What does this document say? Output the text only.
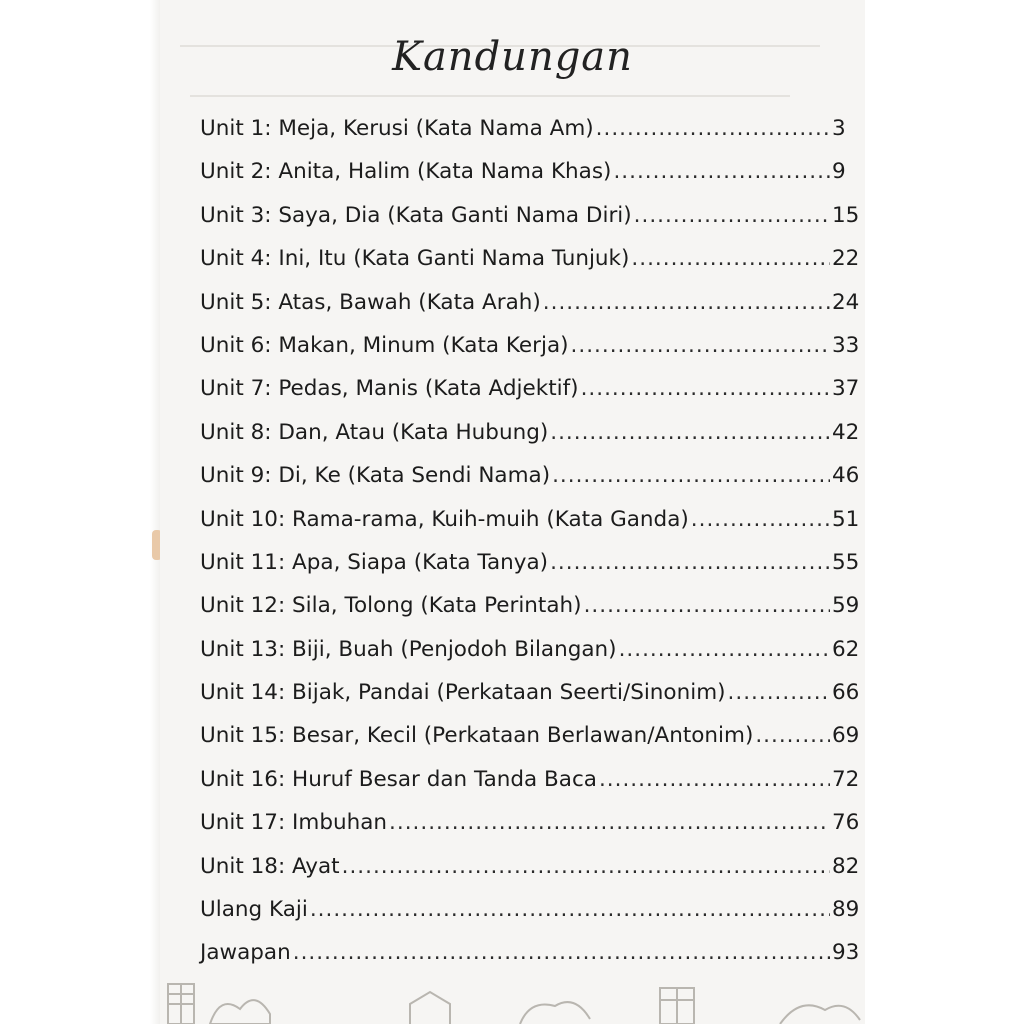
Kandungan
Unit 1: Meja, Kerusi (Kata Nama Am) .....	3
Unit 2: Anita, Halim (Kata Nama Khas) .....	9
Unit 3: Saya, Dia (Kata Ganti Nama Diri) .....	15
Unit 4: Ini, Itu (Kata Ganti Nama Tunjuk) .....	22
Unit 5: Atas, Bawah (Kata Arah) .....	24
Unit 6: Makan, Minum (Kata Kerja) .....	33
Unit 7: Pedas, Manis (Kata Adjektif) .....	37
Unit 8: Dan, Atau (Kata Hubung) .....	42
Unit 9: Di, Ke (Kata Sendi Nama) .....	46
Unit 10: Rama-rama, Kuih-muih (Kata Ganda) .....	51
Unit 11: Apa, Siapa (Kata Tanya) .....	55
Unit 12: Sila, Tolong (Kata Perintah) .....	59
Unit 13: Biji, Buah (Penjodoh Bilangan) .....	62
Unit 14: Bijak, Pandai (Perkataan Seerti/Sinonim) .....	66
Unit 15: Besar, Kecil (Perkataan Berlawan/Antonim) .....	69
Unit 16: Huruf Besar dan Tanda Baca .....	72
Unit 17: Imbuhan .....	76
Unit 18: Ayat .....	82
Ulang Kaji .....	89
Jawapan .....	93
